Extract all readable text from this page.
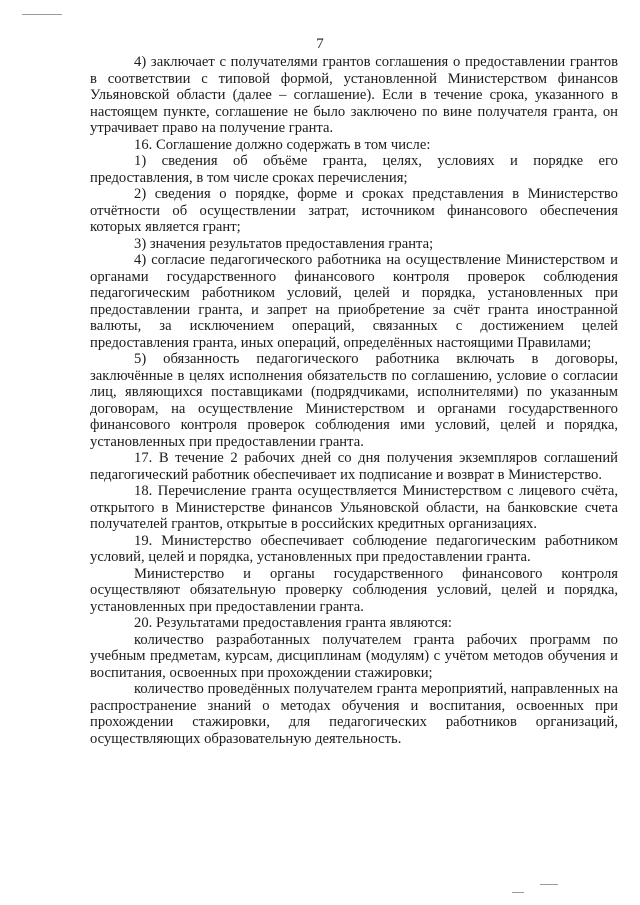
7

4) заключает с получателями грантов соглашения о предоставлении грантов в соответствии с типовой формой, установленной Министерством финансов Ульяновской области (далее – соглашение). Если в течение срока, указанного в настоящем пункте, соглашение не было заключено по вине получателя гранта, он утрачивает право на получение гранта.

16. Соглашение должно содержать в том числе:

1) сведения об объёме гранта, целях, условиях и порядке его предоставления, в том числе сроках перечисления;

2) сведения о порядке, форме и сроках представления в Министерство отчётности об осуществлении затрат, источником финансового обеспечения которых является грант;

3) значения результатов предоставления гранта;

4) согласие педагогического работника на осуществление Министерством и органами государственного финансового контроля проверок соблюдения педагогическим работником условий, целей и порядка, установленных при предоставлении гранта, и запрет на приобретение за счёт гранта иностранной валюты, за исключением операций, связанных с достижением целей предоставления гранта, иных операций, определённых настоящими Правилами;

5) обязанность педагогического работника включать в договоры, заключённые в целях исполнения обязательств по соглашению, условие о согласии лиц, являющихся поставщиками (подрядчиками, исполнителями) по указанным договорам, на осуществление Министерством и органами государственного финансового контроля проверок соблюдения ими условий, целей и порядка, установленных при предоставлении гранта.

17. В течение 2 рабочих дней со дня получения экземпляров соглашений педагогический работник обеспечивает их подписание и возврат в Министерство.

18. Перечисление гранта осуществляется Министерством с лицевого счёта, открытого в Министерстве финансов Ульяновской области, на банковские счета получателей грантов, открытые в российских кредитных организациях.

19. Министерство обеспечивает соблюдение педагогическим работником условий, целей и порядка, установленных при предоставлении гранта.

Министерство и органы государственного финансового контроля осуществляют обязательную проверку соблюдения условий, целей и порядка, установленных при предоставлении гранта.

20. Результатами предоставления гранта являются:

количество разработанных получателем гранта рабочих программ по учебным предметам, курсам, дисциплинам (модулям) с учётом методов обучения и воспитания, освоенных при прохождении стажировки;

количество проведённых получателем гранта мероприятий, направленных на распространение знаний о методах обучения и воспитания, освоенных при прохождении стажировки, для педагогических работников организаций, осуществляющих образовательную деятельность.
